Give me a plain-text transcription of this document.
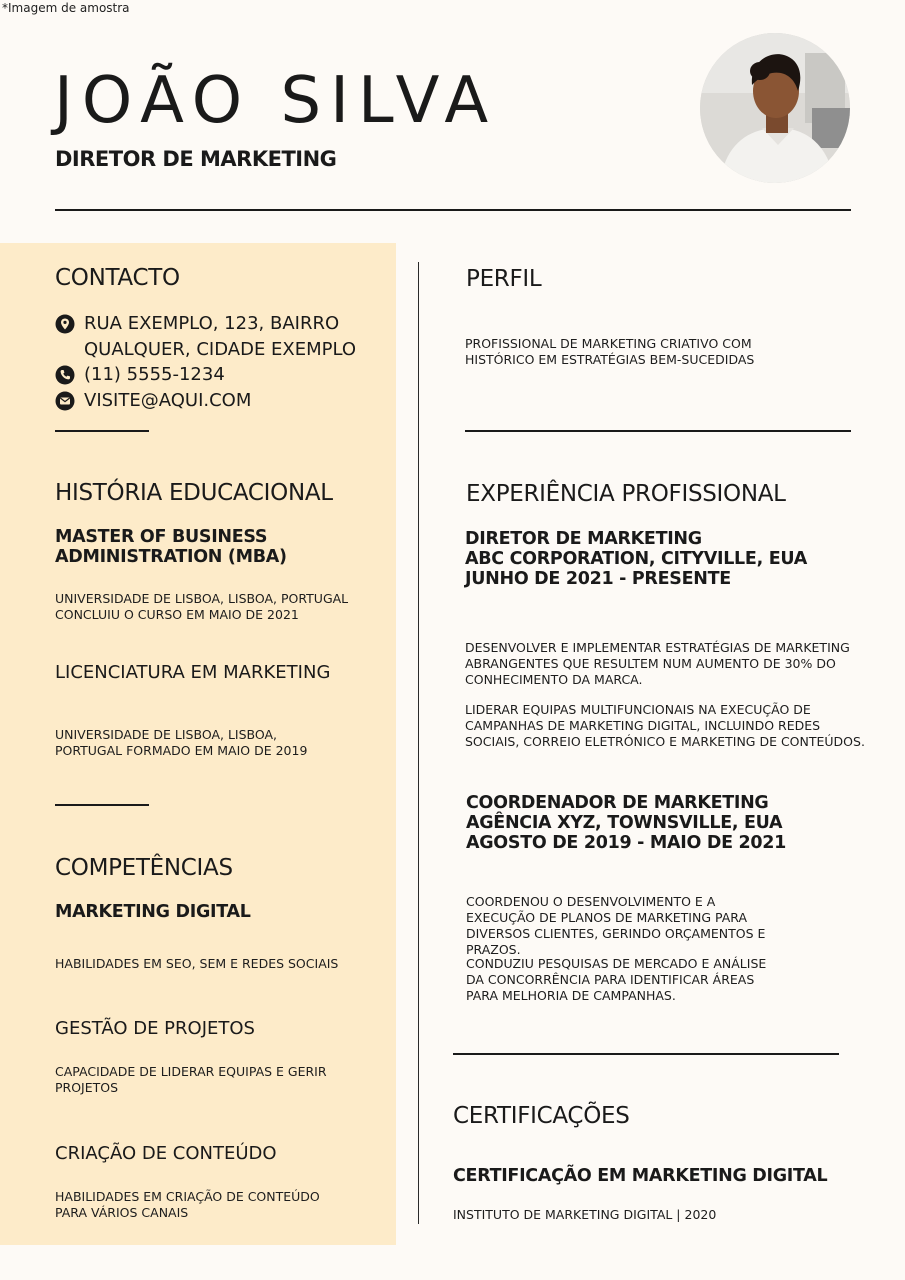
*Imagem de amostra
JOÃO SILVA
DIRETOR DE MARKETING
CONTACTO
RUA EXEMPLO, 123, BAIRRO QUALQUER, CIDADE EXEMPLO
(11) 5555-1234
VISITE@AQUI.COM
HISTÓRIA EDUCACIONAL
MASTER OF BUSINESS ADMINISTRATION (MBA)
UNIVERSIDADE DE LISBOA, LISBOA, PORTUGAL CONCLUIU O CURSO EM MAIO DE 2021
LICENCIATURA EM MARKETING
UNIVERSIDADE DE LISBOA, LISBOA, PORTUGAL FORMADO EM MAIO DE 2019
COMPETÊNCIAS
MARKETING DIGITAL
HABILIDADES EM SEO, SEM E REDES SOCIAIS
GESTÃO DE PROJETOS
CAPACIDADE DE LIDERAR EQUIPAS E GERIR PROJETOS
CRIAÇÃO DE CONTEÚDO
HABILIDADES EM CRIAÇÃO DE CONTEÚDO PARA VÁRIOS CANAIS
PERFIL
PROFISSIONAL DE MARKETING CRIATIVO COM HISTÓRICO EM ESTRATÉGIAS BEM-SUCEDIDAS
EXPERIÊNCIA PROFISSIONAL
DIRETOR DE MARKETING
ABC CORPORATION, CITYVILLE, EUA
JUNHO DE 2021 - PRESENTE
DESENVOLVER E IMPLEMENTAR ESTRATÉGIAS DE MARKETING ABRANGENTES QUE RESULTEM NUM AUMENTO DE 30% DO CONHECIMENTO DA MARCA.
LIDERAR EQUIPAS MULTIFUNCIONAIS NA EXECUÇÃO DE CAMPANHAS DE MARKETING DIGITAL, INCLUINDO REDES SOCIAIS, CORREIO ELETRÓNICO E MARKETING DE CONTEÚDOS.
COORDENADOR DE MARKETING
AGÊNCIA XYZ, TOWNSVILLE, EUA
AGOSTO DE 2019 - MAIO DE 2021
COORDENOU O DESENVOLVIMENTO E A EXECUÇÃO DE PLANOS DE MARKETING PARA DIVERSOS CLIENTES, GERINDO ORÇAMENTOS E PRAZOS.
CONDUZIU PESQUISAS DE MERCADO E ANÁLISE DA CONCORRÊNCIA PARA IDENTIFICAR ÁREAS PARA MELHORIA DE CAMPANHAS.
CERTIFICAÇÕES
CERTIFICAÇÃO EM MARKETING DIGITAL
INSTITUTO DE MARKETING DIGITAL | 2020
